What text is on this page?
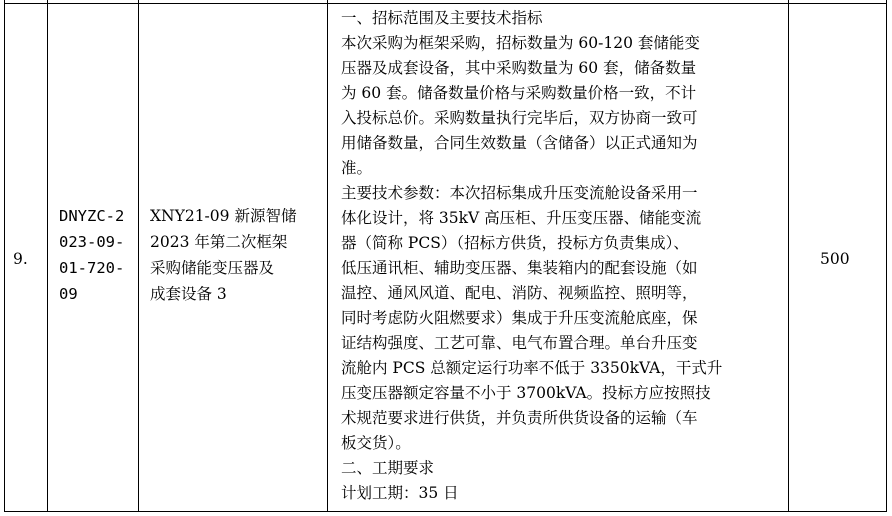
9.
DNYZC-2
023-09-
01-720-
09
XNY21-09 新源智储
2023 年第二次框架
采购储能变压器及
成套设备 3
一、招标范围及主要技术指标
本次采购为框架采购，招标数量为 60-120 套储能变
压器及成套设备，其中采购数量为 60 套，储备数量
为 60 套。储备数量价格与采购数量价格一致，不计
入投标总价。采购数量执行完毕后，双方协商一致可
用储备数量，合同生效数量（含储备）以正式通知为
准。
主要技术参数：本次招标集成升压变流舱设备采用一
体化设计，将 35kV 高压柜、升压变压器、储能变流
器（简称 PCS）（招标方供货，投标方负责集成）、
低压通讯柜、辅助变压器、集装箱内的配套设施（如
温控、通风风道、配电、消防、视频监控、照明等，
同时考虑防火阻燃要求）集成于升压变流舱底座，保
证结构强度、工艺可靠、电气布置合理。单台升压变
流舱内 PCS 总额定运行功率不低于 3350kVA，干式升
压变压器额定容量不小于 3700kVA。投标方应按照技
术规范要求进行供货，并负责所供货设备的运输（车
板交货）。
二、工期要求
计划工期：35 日
500
